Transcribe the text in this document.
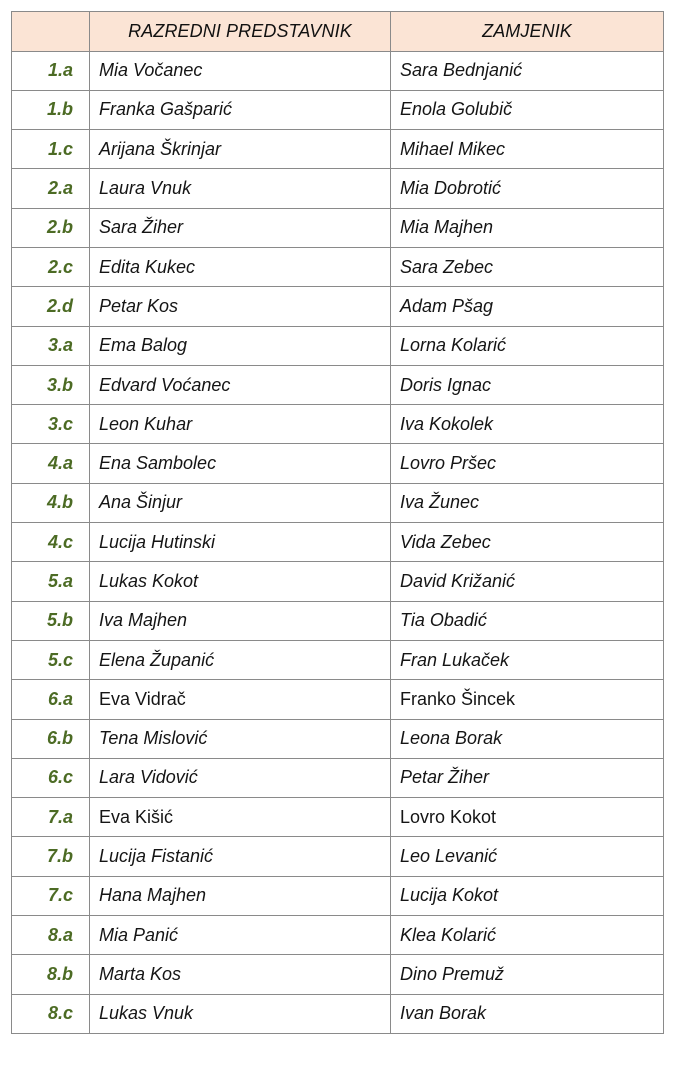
	RAZREDNI PREDSTAVNIK	ZAMJENIK
1.a	Mia Vočanec	Sara Bednjanić
1.b	Franka Gašparić	Enola Golubič
1.c	Arijana Škrinjar	Mihael Mikec
2.a	Laura Vnuk	Mia Dobrotić
2.b	Sara Žiher	Mia Majhen
2.c	Edita Kukec	Sara Zebec
2.d	Petar Kos	Adam Pšag
3.a	Ema Balog	Lorna Kolarić
3.b	Edvard Voćanec	Doris Ignac
3.c	Leon Kuhar	Iva Kokolek
4.a	Ena Sambolec	Lovro Pršec
4.b	Ana Šinjur	Iva Žunec
4.c	Lucija Hutinski	Vida Zebec
5.a	Lukas Kokot	David Križanić
5.b	Iva Majhen	Tia Obadić
5.c	Elena Županić	Fran Lukaček
6.a	Eva Vidrač	Franko Šincek
6.b	Tena Mislović	Leona Borak
6.c	Lara Vidović	Petar Žiher
7.a	Eva Kišić	Lovro Kokot
7.b	Lucija Fistanić	Leo Levanić
7.c	Hana Majhen	Lucija Kokot
8.a	Mia Panić	Klea Kolarić
8.b	Marta Kos	Dino Premuž
8.c	Lukas Vnuk	Ivan Borak
